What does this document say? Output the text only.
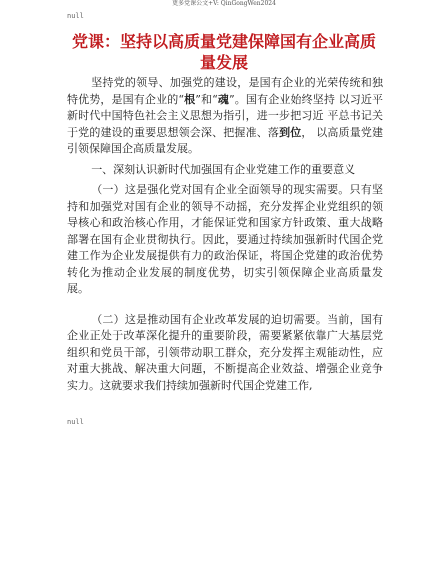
更多党课公文+V: QinGongWen2024
null
党课：坚持以高质量党建保障国有企业高质量发展

坚持党的领导、加强党的建设，是国有企业的光荣传统和独特优势，是国有企业的“根”和“魂”。国有企业始终坚持 以习近平新时代中国特色社会主义思想为指引，进一步把习近 平总书记关于党的建设的重要思想领会深、把握准、落到位， 以高质量党建引领保障国企高质量发展。

一、深刻认识新时代加强国有企业党建工作的重要意义

（一）这是强化党对国有企业全面领导的现实需要。只有坚持和加强党对国有企业的领导不动摇，充分发挥企业党组织的领导核心和政治核心作用，才能保证党和国家方针政策、重大战略部署在国有企业贯彻执行。因此，要通过持续加强新时代国企党建工作为企业发展提供有力的政治保证，将国企党建的政治优势转化为推动企业发展的制度优势，切实引领保障企业高质量发展。

（二）这是推动国有企业改革发展的迫切需要。当前，国有企业正处于改革深化提升的重要阶段，需要紧紧依靠广大基层党组织和党员干部，引领带动职工群众，充分发挥主观能动性，应对重大挑战、解决重大问题，不断提高企业效益、增强企业竞争实力。这就要求我们持续加强新时代国企党建工作,

null
